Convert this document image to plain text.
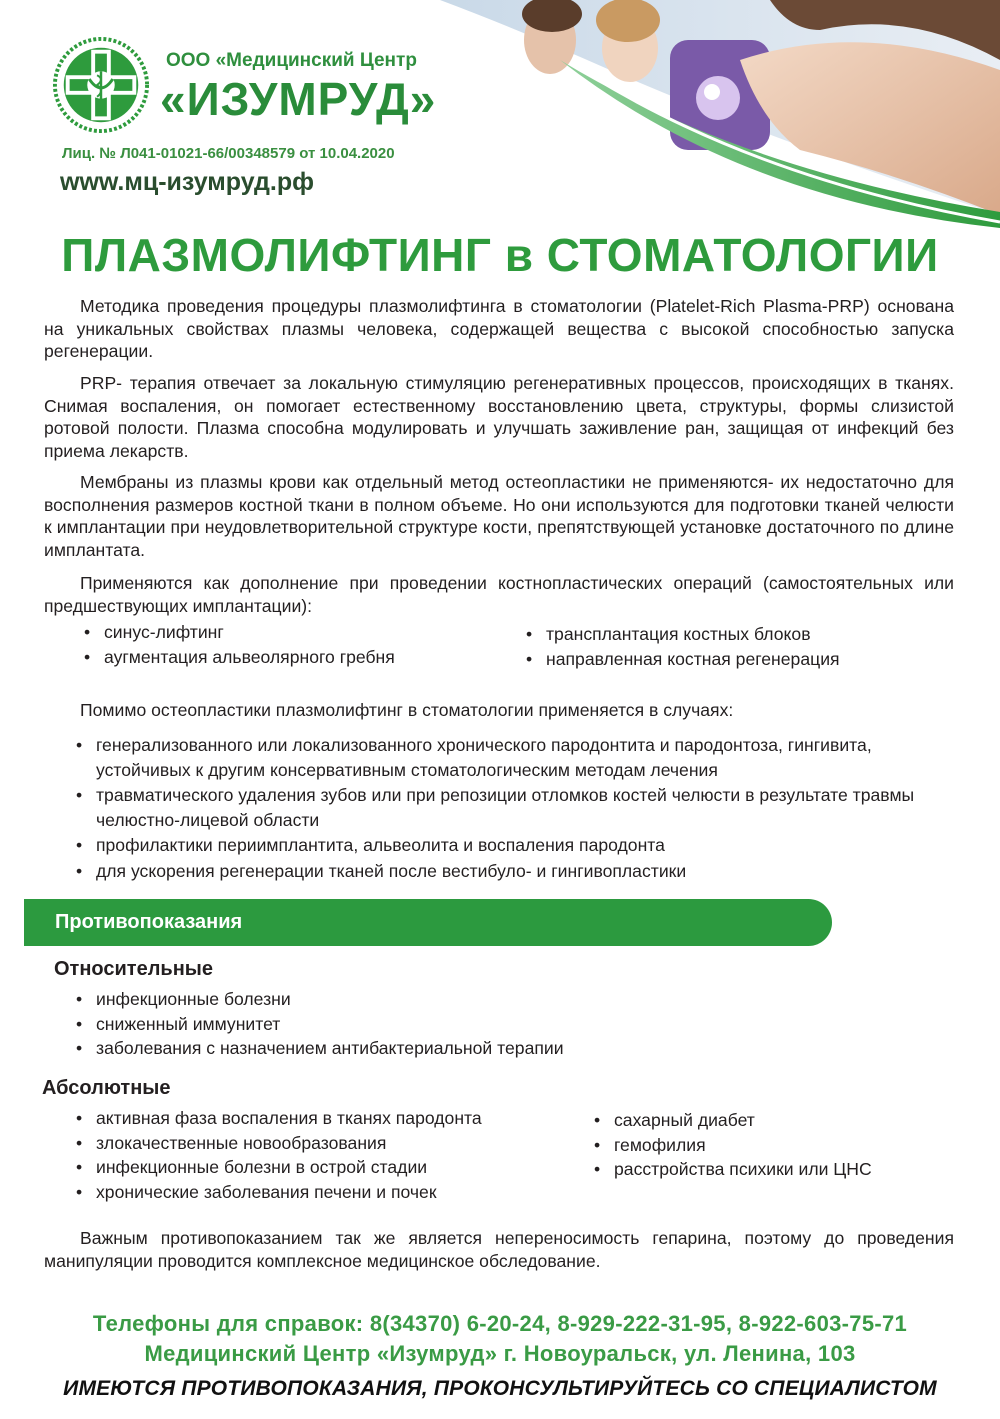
ООО «Медицинский Центр
«ИЗУМРУД»
Лиц. № Л041-01021-66/00348579 от 10.04.2020
www.мц-изумруд.рф
ПЛАЗМОЛИФТИНГ в СТОМАТОЛОГИИ

Методика проведения процедуры плазмолифтинга в стоматологии (Platelet-Rich Plasma-PRP) основана на уникальных свойствах плазмы человека, содержащей вещества с высокой способностью запуска регенерации.

PRP- терапия отвечает за локальную стимуляцию регенеративных процессов, происходящих в тканях. Снимая воспаления, он помогает естественному восстановлению цвета, структуры, формы слизистой ротовой полости. Плазма способна модулировать и улучшать заживление ран, защищая от инфекций без приема лекарств.

Мембраны из плазмы крови как отдельный метод остеопластики не применяются- их недостаточно для восполнения размеров костной ткани в полном объеме. Но они используются для подготовки тканей челюсти к имплантации при неудовлетворительной структуре кости, препятствующей установке достаточного по длине имплантата.

Применяются как дополнение при проведении костнопластических операций (самостоятельных или предшествующих имплантации):

• синус-лифтинг
• аугментация альвеолярного гребня
• трансплантация костных блоков
• направленная костная регенерация
Помимо остеопластики плазмолифтинг в стоматологии применяется в случаях:
• генерализованного или локализованного хронического пародонтита и пародонтоза, гингивита, устойчивых к другим консервативным стоматологическим методам лечения
• травматического удаления зубов или при репозиции отломков костей челюсти в результате травмы челюстно-лицевой области
• профилактики периимплантита, альвеолита и воспаления пародонта
• для ускорения регенерации тканей после вестибуло- и гингивопластики
Противопоказания
Относительные
• инфекционные болезни
• сниженный иммунитет
• заболевания с назначением антибактериальной терапии
Абсолютные
• активная фаза воспаления в тканях пародонта
• злокачественные новообразования
• инфекционные болезни в острой стадии
• хронические заболевания печени и почек
• сахарный диабет
• гемофилия
• расстройства психики или ЦНС

Важным противопоказанием так же является непереносимость гепарина, поэтому до проведения манипуляции проводится комплексное медицинское обследование.

Телефоны для справок: 8(34370) 6-20-24, 8-929-222-31-95, 8-922-603-75-71
Медицинский Центр «Изумруд» г. Новоуральск, ул. Ленина, 103
ИМЕЮТСЯ ПРОТИВОПОКАЗАНИЯ, ПРОКОНСУЛЬТИРУЙТЕСЬ СО СПЕЦИАЛИСТОМ
